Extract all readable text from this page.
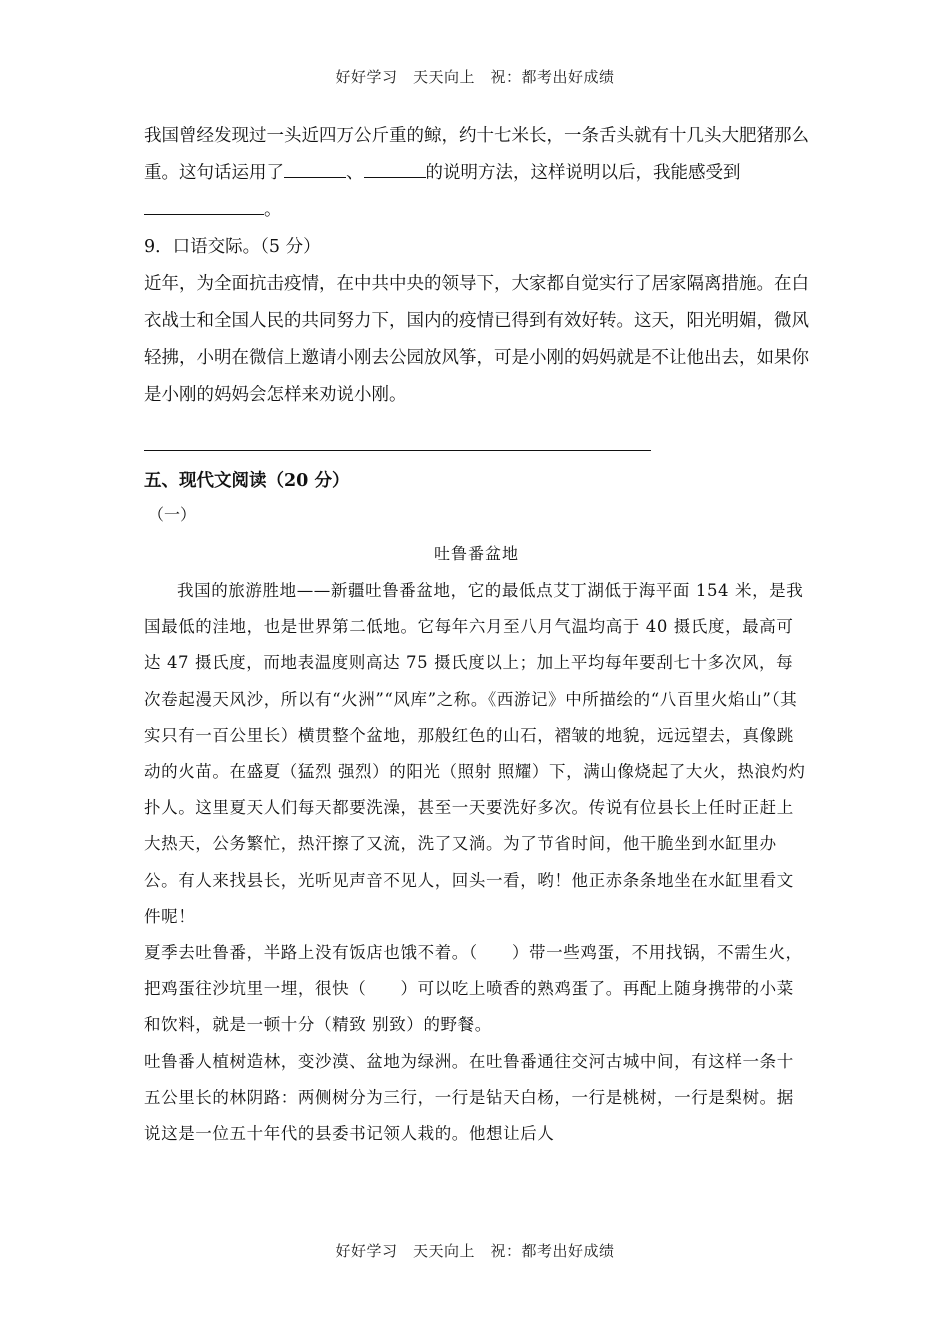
好好学习　天天向上　祝：都考出好成绩

我国曾经发现过一头近四万公斤重的鲸，约十七米长，一条舌头就有十几头大肥猪那么重。这句话运用了	、	的说明方法，这样说明以后，我能感受到。

9．口语交际。（5 分）

近年，为全面抗击疫情，在中共中央的领导下，大家都自觉实行了居家隔离措施。在白衣战士和全国人民的共同努力下，国内的疫情已得到有效好转。这天，阳光明媚，微风轻拂，小明在微信上邀请小刚去公园放风筝，可是小刚的妈妈就是不让他出去，如果你是小刚的妈妈会怎样来劝说小刚。

五、现代文阅读（20 分）

（一）

吐鲁番盆地

我国的旅游胜地——新疆吐鲁番盆地，它的最低点艾丁湖低于海平面 154 米，是我国最低的洼地，也是世界第二低地。它每年六月至八月气温均高于 40 摄氏度，最高可达 47 摄氏度，而地表温度则高达 75 摄氏度以上；加上平均每年要刮七十多次风，每次卷起漫天风沙，所以有“火洲”“风库”之称。《西游记》中所描绘的“八百里火焰山”（其实只有一百公里长）横贯整个盆地，那般红色的山石，褶皱的地貌，远远望去，真像跳动的火苗。在盛夏（猛烈 强烈）的阳光（照射 照耀）下，满山像烧起了大火，热浪灼灼扑人。这里夏天人们每天都要洗澡，甚至一天要洗好多次。传说有位县长上任时正赶上大热天，公务繁忙，热汗擦了又流，洗了又淌。为了节省时间，他干脆坐到水缸里办公。有人来找县长，光听见声音不见人，回头一看，哟！他正赤条条地坐在水缸里看文件呢！

夏季去吐鲁番，半路上没有饭店也饿不着。（　　）带一些鸡蛋，不用找锅，不需生火，把鸡蛋往沙坑里一埋，很快（　　）可以吃上喷香的熟鸡蛋了。再配上随身携带的小菜和饮料，就是一顿十分（精致 别致）的野餐。

吐鲁番人植树造林，变沙漠、盆地为绿洲。在吐鲁番通往交河古城中间，有这样一条十五公里长的林阴路：两侧树分为三行，一行是钻天白杨，一行是桃树，一行是梨树。据说这是一位五十年代的县委书记领人栽的。他想让后人

好好学习　天天向上　祝：都考出好成绩
